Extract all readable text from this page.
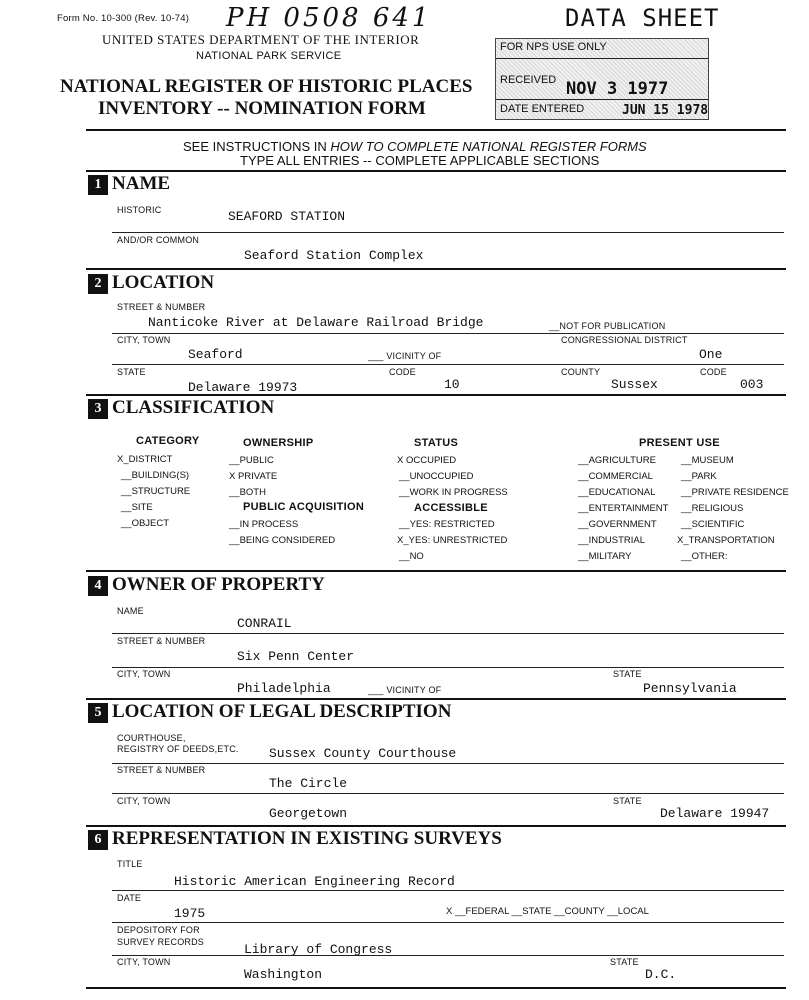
Form No. 10-300 (Rev. 10-74) PH 0508 641	DATA SHEET
UNITED STATES DEPARTMENT OF THE INTERIOR
NATIONAL PARK SERVICE
NATIONAL REGISTER OF HISTORIC PLACES
INVENTORY -- NOMINATION FORM
FOR NPS USE ONLY
RECEIVED NOV 3 1977
DATE ENTERED	JUN 15 1978
SEE INSTRUCTIONS IN HOW TO COMPLETE NATIONAL REGISTER FORMS
TYPE ALL ENTRIES -- COMPLETE APPLICABLE SECTIONS
1 NAME
HISTORIC	SEAFORD STATION
AND/OR COMMON
Seaford Station Complex
2 LOCATION
STREET & NUMBER
Nanticoke River at Delaware Railroad Bridge	__NOT FOR PUBLICATION
CITY, TOWN	CONGRESSIONAL DISTRICT
Seaford	___ VICINITY OF	One
STATE	CODE	COUNTY	CODE
Delaware 19973	10	Sussex	003
3 CLASSIFICATION
CATEGORY
X_DISTRICT
__BUILDING(S)
__STRUCTURE
__SITE
__OBJECT
OWNERSHIP
__PUBLIC
X PRIVATE
__BOTH
PUBLIC ACQUISITION
__IN PROCESS
__BEING CONSIDERED
STATUS
X OCCUPIED
__UNOCCUPIED
__WORK IN PROGRESS
ACCESSIBLE
__YES: RESTRICTED
X_YES: UNRESTRICTED
__NO
PRESENT USE
__AGRICULTURE
__COMMERCIAL
__EDUCATIONAL
__ENTERTAINMENT
__GOVERNMENT
__INDUSTRIAL
__MILITARY
__MUSEUM
__PARK
__PRIVATE RESIDENCE
__RELIGIOUS
__SCIENTIFIC
X_TRANSPORTATION
__OTHER:
4 OWNER OF PROPERTY
NAME
CONRAIL
STREET & NUMBER
Six Penn Center
CITY, TOWN	STATE
Philadelphia	___ VICINITY OF	Pennsylvania
5 LOCATION OF LEGAL DESCRIPTION
COURTHOUSE,
REGISTRY OF DEEDS,ETC. Sussex County Courthouse
STREET & NUMBER
The Circle
CITY, TOWN	STATE
Georgetown	Delaware 19947
6 REPRESENTATION IN EXISTING SURVEYS
TITLE
Historic American Engineering Record
DATE
1975	X __FEDERAL __STATE __COUNTY __LOCAL
DEPOSITORY FOR
SURVEY RECORDS	Library of Congress
CITY, TOWN	STATE
Washington	D.C.
